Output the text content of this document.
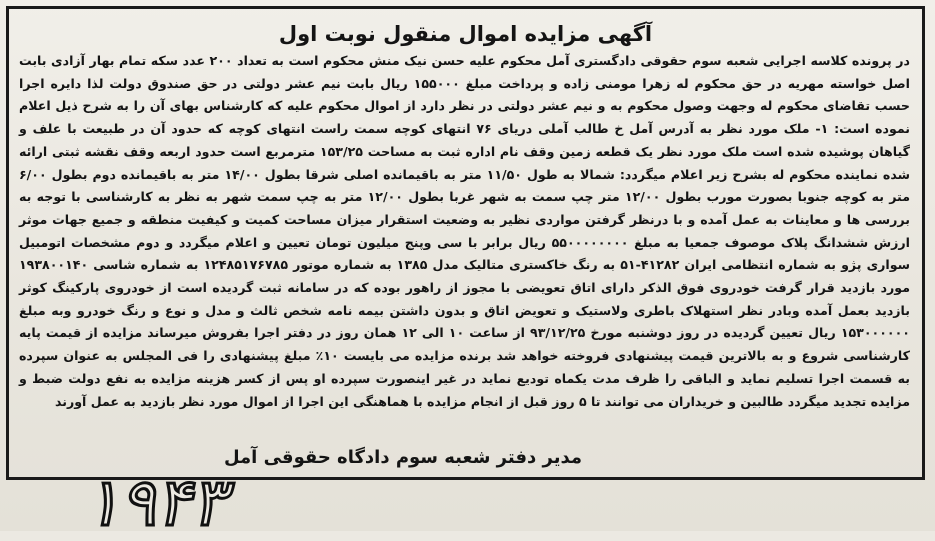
آگهی مزایده اموال منقول نوبت اول

در پرونده کلاسه اجرایی شعبه سوم حقوقی دادگستری آمل محکوم علیه حسن نیک منش محکوم است به تعداد ۲۰۰ عدد سکه تمام بهار آزادی بابت اصل خواسته مهریه در حق محکوم له زهرا مومنی زاده و پرداخت مبلغ ۱۵۵۰۰۰ ریال بابت نیم عشر دولتی در حق صندوق دولت لذا دایره اجرا حسب تقاضای محکوم له وجهت وصول محکوم به و نیم عشر دولتی در نظر دارد از اموال محکوم علیه که کارشناس بهای آن را به شرح ذیل اعلام نموده است: ۱- ملک مورد نظر به آدرس آمل خ طالب آملی دریای ۷۶ انتهای کوچه سمت راست انتهای کوچه که حدود آن در طبیعت با علف و گیاهان پوشیده شده است ملک مورد نظر یک قطعه زمین وقف نام اداره ثبت به مساحت ۱۵۳/۲۵ مترمربع است حدود اربعه وقف نقشه ثبتی ارائه شده نماینده محکوم له بشرح زیر اعلام میگردد: شمالا به طول ۱۱/۵۰ متر به باقیمانده اصلی شرقا بطول ۱۴/۰۰ متر به باقیمانده دوم بطول ۶/۰۰ متر به کوچه جنوبا بصورت مورب بطول ۱۲/۰۰ متر چپ سمت به شهر غربا بطول ۱۲/۰۰ متر به چپ سمت شهر به نظر به کارشناسی با توجه به بررسی ها و معاینات به عمل آمده و با درنظر گرفتن مواردی نظیر به وضعیت استقرار میزان مساحت کمیت و کیفیت منطقه و جمیع جهات موثر ارزش ششدانگ پلاک موصوف جمعیا به مبلغ ۵۵۰۰۰۰۰۰۰۰ ریال برابر با سی وپنج میلیون تومان تعیین و اعلام میگردد و دوم مشخصات اتومبیل سواری پژو به شماره انتظامی ایران ۴۱۲۸۲-۵۱ به رنگ خاکستری متالیک مدل ۱۳۸۵ به شماره موتور ۱۲۴۸۵۱۷۶۷۸۵ به شماره شاسی ۱۹۳۸۰۰۱۴۰ مورد بازدید قرار گرفت خودروی فوق الذکر دارای اتاق تعویضی با مجوز از راهور بوده که در سامانه ثبت گردیده است از خودروی پارکینگ کوثر بازدید بعمل آمده وبادر نظر استهلاک باطری ولاستیک و تعویض اتاق و بدون داشتن بیمه نامه شخص ثالث و مدل و نوع و رنگ خودرو وبه مبلغ ۱۵۳۰۰۰۰۰۰ ریال تعیین گردیده در روز دوشنبه مورخ ۹۳/۱۲/۲۵ از ساعت ۱۰ الی ۱۲ همان روز در دفتر اجرا بفروش میرساند مزایده از قیمت پایه کارشناسی شروع و به بالاترین قیمت پیشنهادی فروخته خواهد شد برنده مزایده می بایست ۱۰٪ مبلغ پیشنهادی را فی المجلس به عنوان سپرده به قسمت اجرا تسلیم نماید و الباقی را ظرف مدت یکماه تودیع نماید در غیر اینصورت سپرده او پس از کسر هزینه مزایده به نفع دولت ضبط و مزایده تجدید میگردد طالبین و خریداران می توانند تا ۵ روز قبل از انجام مزایده با هماهنگی این اجرا از اموال مورد نظر بازدید به عمل آورند

مدیر دفتر شعبه سوم دادگاه حقوقی آمل
۱۹۴۳
